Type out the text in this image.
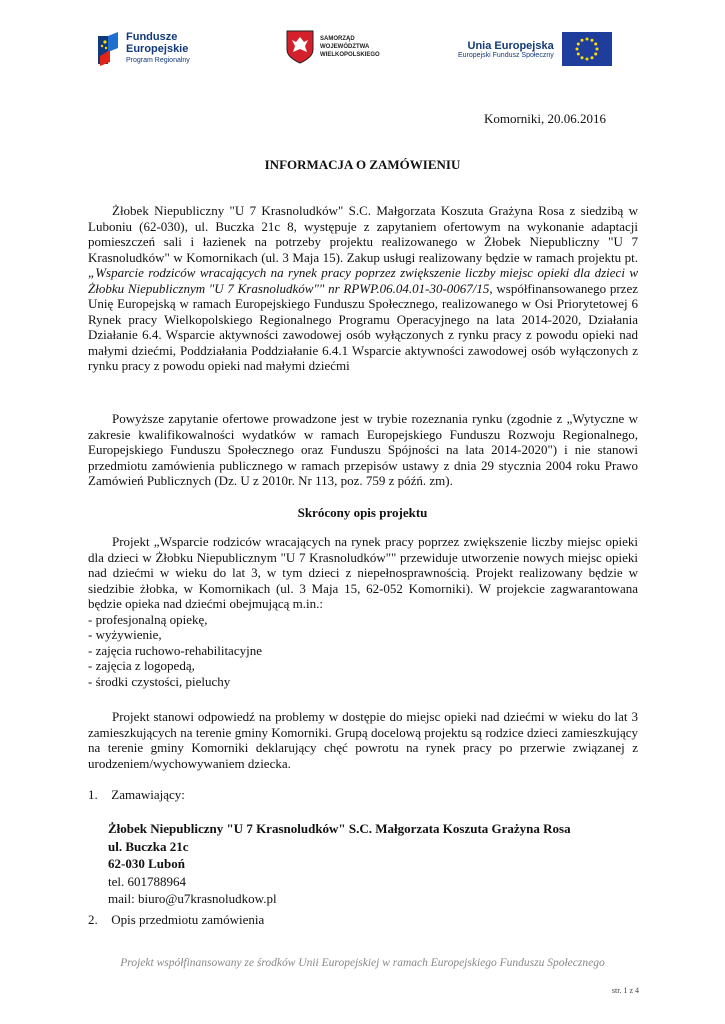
Fundusze
Europejskie
Program Regionalny
SAMORZĄD WOJEWÓDZTWA
WIELKOPOLSKIEGO
Unia Europejska
Europejski Fundusz Społeczny
Komorniki, 20.06.2016
INFORMACJA O ZAMÓWIENIU

Żłobek Niepubliczny "U 7 Krasnoludków" S.C. Małgorzata Koszuta Grażyna Rosa z siedzibą w Luboniu (62-030), ul. Buczka 21c 8, występuje z zapytaniem ofertowym na wykonanie adaptacji pomieszczeń sali i łazienek na potrzeby projektu realizowanego w Żłobek Niepubliczny "U 7 Krasnoludków" w Komornikach (ul. 3 Maja 15). Zakup usługi realizowany będzie w ramach projektu pt. „Wsparcie rodziców wracających na rynek pracy poprzez zwiększenie liczby miejsc opieki dla dzieci w Żłobku Niepublicznym "U 7 Krasnoludków"" nr RPWP.06.04.01-30-0067/15, współfinansowanego przez Unię Europejską w ramach Europejskiego Funduszu Społecznego, realizowanego w Osi Priorytetowej 6 Rynek pracy Wielkopolskiego Regionalnego Programu Operacyjnego na lata 2014-2020, Działania Działanie 6.4. Wsparcie aktywności zawodowej osób wyłączonych z rynku pracy z powodu opieki nad małymi dziećmi, Poddziałania Poddziałanie 6.4.1 Wsparcie aktywności zawodowej osób wyłączonych z rynku pracy z powodu opieki nad małymi dziećmi

Powyższe zapytanie ofertowe prowadzone jest w trybie rozeznania rynku (zgodnie z „Wytyczne w zakresie kwalifikowalności wydatków w ramach Europejskiego Funduszu Rozwoju Regionalnego, Europejskiego Funduszu Społecznego oraz Funduszu Spójności na lata 2014-2020") i nie stanowi przedmiotu zamówienia publicznego w ramach przepisów ustawy z dnia 29 stycznia 2004 roku Prawo Zamówień Publicznych (Dz. U z 2010r. Nr 113, poz. 759 z późń. zm).

Skrócony opis projektu

Projekt „Wsparcie rodziców wracających na rynek pracy poprzez zwiększenie liczby miejsc opieki dla dzieci w Żłobku Niepublicznym "U 7 Krasnoludków"" przewiduje utworzenie nowych miejsc opieki nad dziećmi w wieku do lat 3, w tym dzieci z niepełnosprawnością. Projekt realizowany będzie w siedzibie żłobka, w Komornikach (ul. 3 Maja 15, 62-052 Komorniki). W projekcie zagwarantowana będzie opieka nad dziećmi obejmującą m.in.:

- profesjonalną opiekę,
- wyżywienie,
- zajęcia ruchowo-rehabilitacyjne
- zajęcia z logopedą,
- środki czystości, pieluchy

Projekt stanowi odpowiedź na problemy w dostępie do miejsc opieki nad dziećmi w wieku do lat 3 zamieszkujących na terenie gminy Komorniki. Grupą docelową projektu są rodzice dzieci zamieszkujący na terenie gminy Komorniki deklarujący chęć powrotu na rynek pracy po przerwie związanej z urodzeniem/wychowywaniem dziecka.

1. Zamawiający:
Żłobek Niepubliczny "U 7 Krasnoludków" S.C. Małgorzata Koszuta Grażyna Rosa
ul. Buczka 21c
62-030 Luboń
tel. 601788964
mail: biuro@u7krasnoludkow.pl
2. Opis przedmiotu zamówienia
Projekt współfinansowany ze środków Unii Europejskiej w ramach Europejskiego Funduszu Społecznego
str. 1 z 4
